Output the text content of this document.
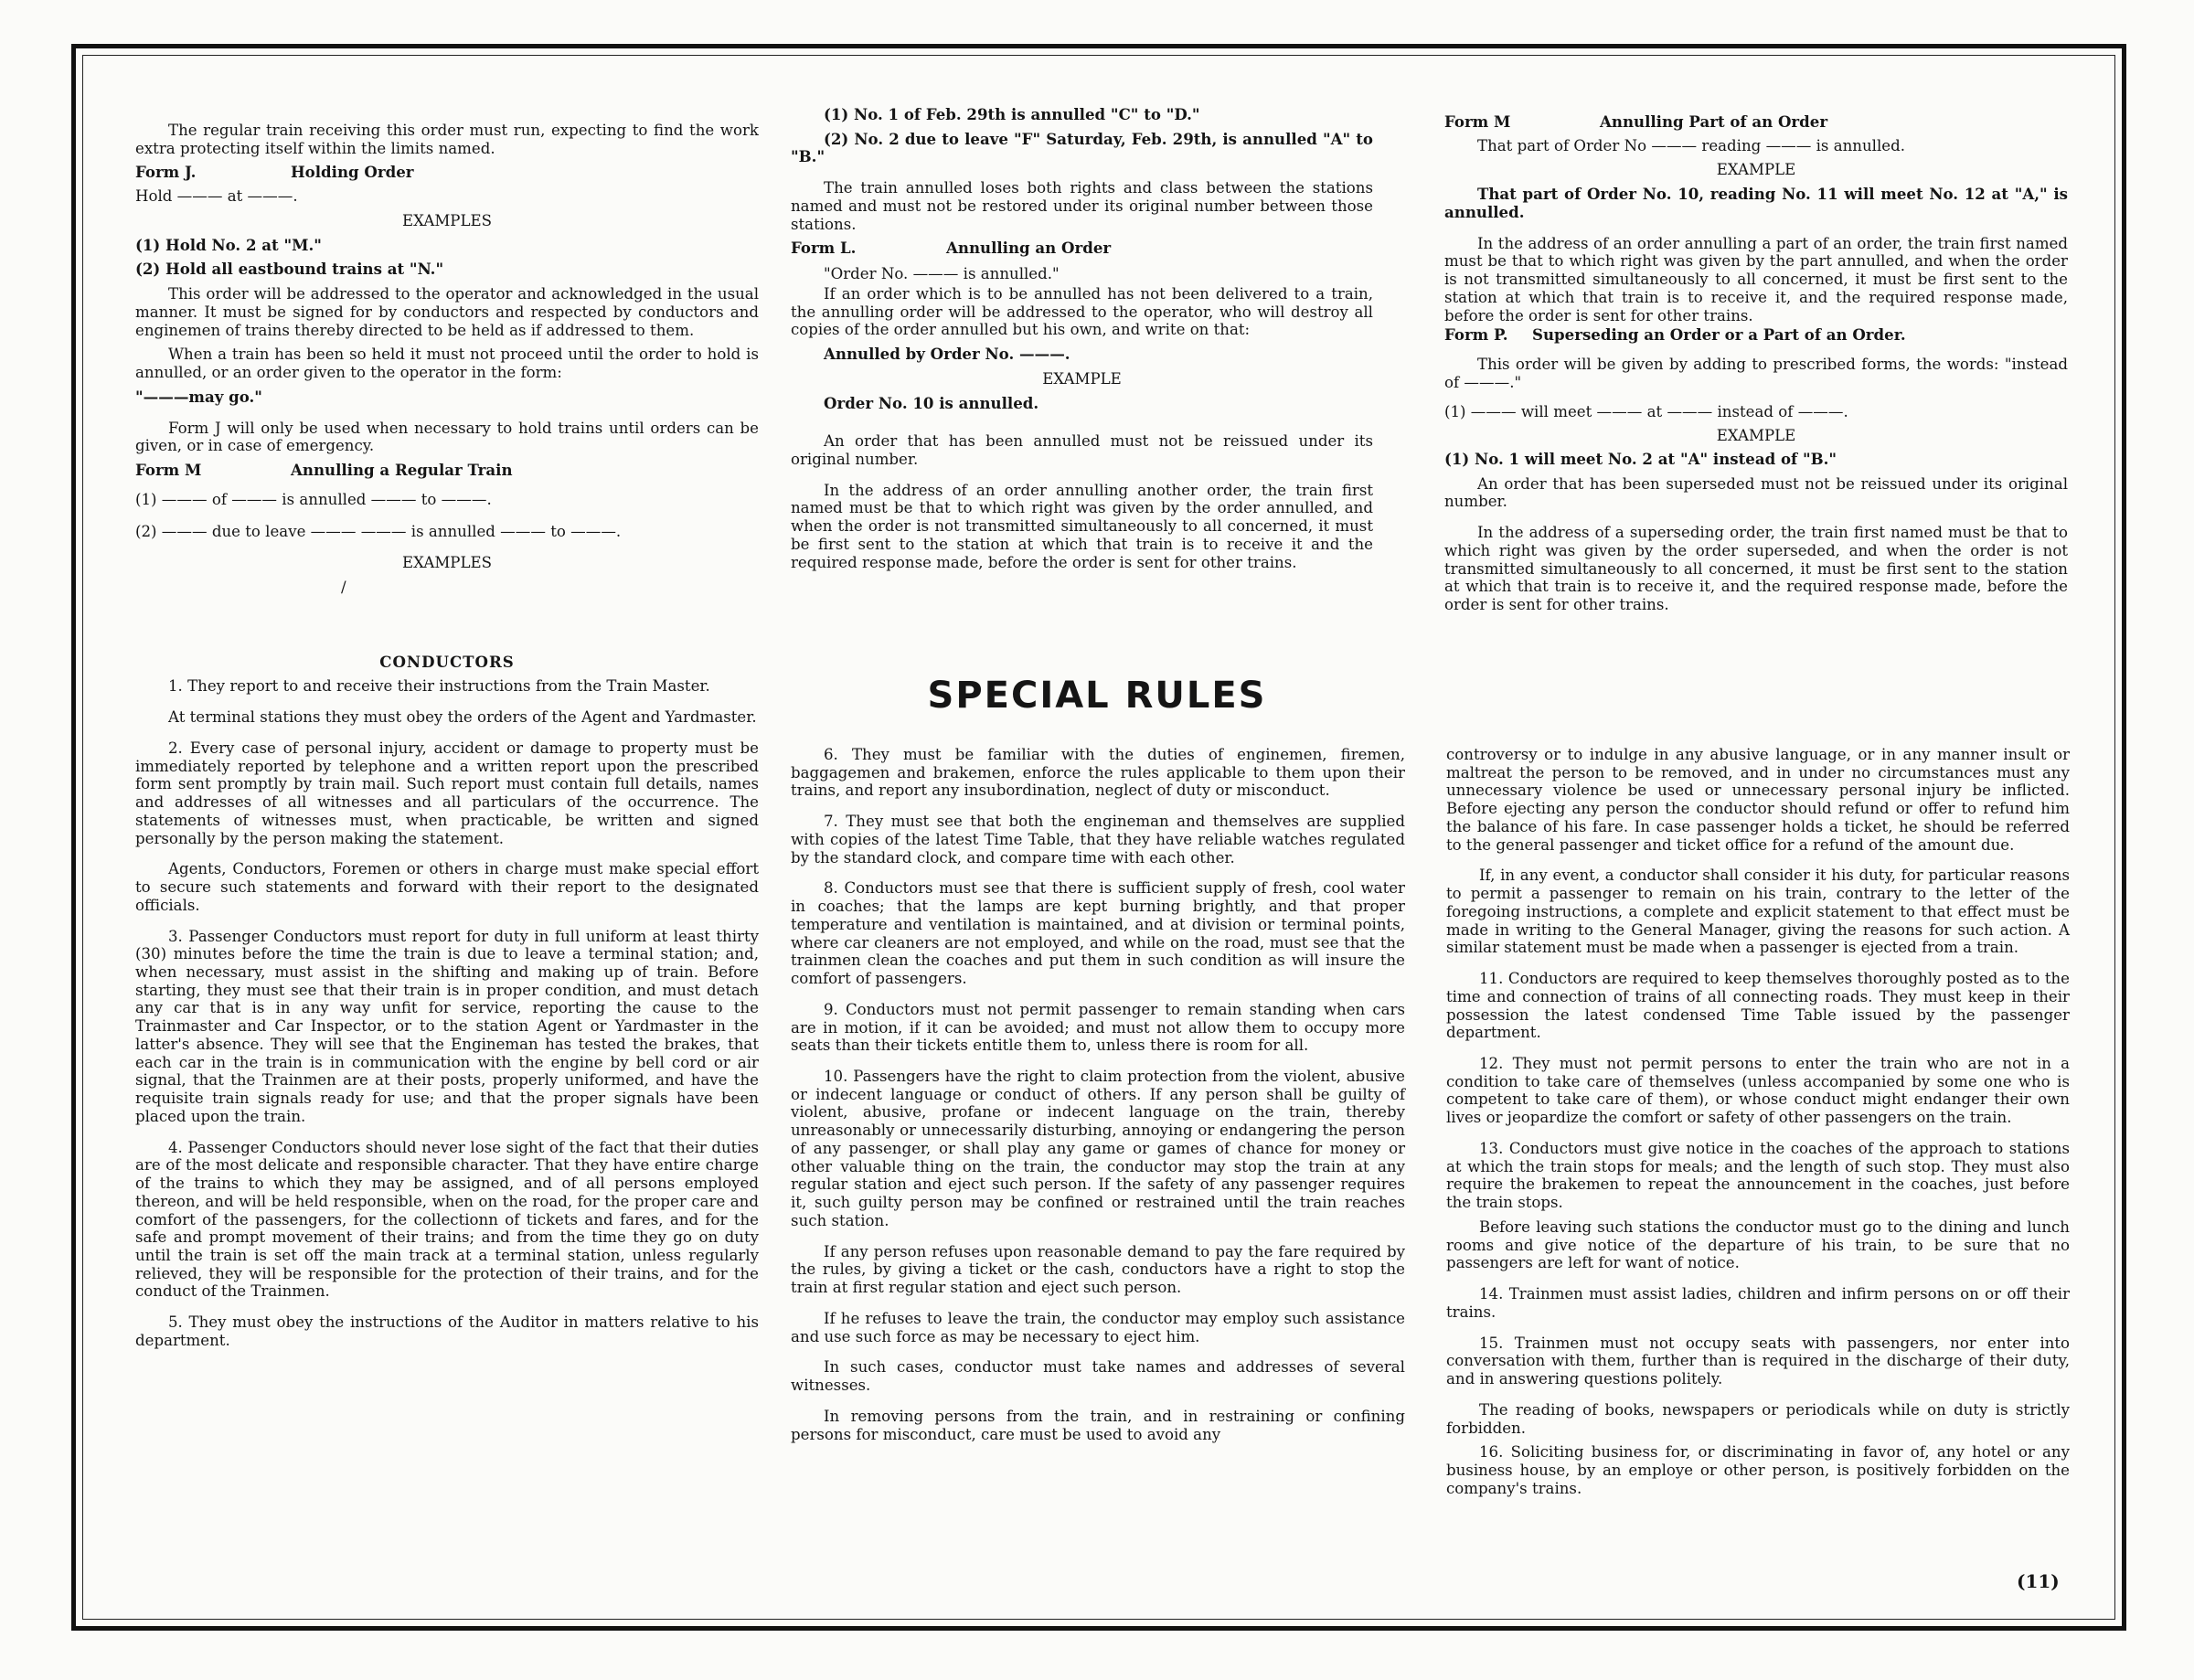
The regular train receiving this order must run, expecting to find the work extra protecting itself within the limits named.

Form J.	Holding Order

Hold ——— at ———.

EXAMPLES

(1) Hold No. 2 at "M."

(2) Hold all eastbound trains at "N."

This order will be addressed to the operator and acknowledged in the usual manner. It must be signed for by conductors and respected by conductors and enginemen of trains thereby directed to be held as if addressed to them.

When a train has been so held it must not proceed until the order to hold is annulled, or an order given to the operator in the form:

"———may go."

Form J will only be used when necessary to hold trains until orders can be given, or in case of emergency.

Form M	Annulling a Regular Train

(1) ——— of ——— is annulled ——— to ———.

(2) ——— due to leave ——— ——— is annulled ——— to ———.

EXAMPLES

/

CONDUCTORS

1. They report to and receive their instructions from the Train Master.

At terminal stations they must obey the orders of the Agent and Yardmaster.

2. Every case of personal injury, accident or damage to property must be immediately reported by telephone and a written report upon the prescribed form sent promptly by train mail. Such report must contain full details, names and addresses of all witnesses and all particulars of the occurrence. The statements of witnesses must, when practicable, be written and signed personally by the person making the statement.

Agents, Conductors, Foremen or others in charge must make special effort to secure such statements and forward with their report to the designated officials.

3. Passenger Conductors must report for duty in full uniform at least thirty (30) minutes before the time the train is due to leave a terminal station; and, when necessary, must assist in the shifting and making up of train. Before starting, they must see that their train is in proper condition, and must detach any car that is in any way unfit for service, reporting the cause to the Trainmaster and Car Inspector, or to the station Agent or Yardmaster in the latter's absence. They will see that the Engineman has tested the brakes, that each car in the train is in communication with the engine by bell cord or air signal, that the Trainmen are at their posts, properly uniformed, and have the requisite train signals ready for use; and that the proper signals have been placed upon the train.

4. Passenger Conductors should never lose sight of the fact that their duties are of the most delicate and responsible character. That they have entire charge of the trains to which they may be assigned, and of all persons employed thereon, and will be held responsible, when on the road, for the proper care and comfort of the passengers, for the collectionn of tickets and fares, and for the safe and prompt movement of their trains; and from the time they go on duty until the train is set off the main track at a terminal station, unless regularly relieved, they will be responsible for the protection of their trains, and for the conduct of the Trainmen.

5. They must obey the instructions of the Auditor in matters relative to his department.

(1) No. 1 of Feb. 29th is annulled "C" to "D."

(2) No. 2 due to leave "F" Saturday, Feb. 29th, is annulled "A" to "B."

The train annulled loses both rights and class between the stations named and must not be restored under its original number between those stations.

Form L.	Annulling an Order

"Order No. ——— is annulled."

If an order which is to be annulled has not been delivered to a train, the annulling order will be addressed to the operator, who will destroy all copies of the order annulled but his own, and write on that:

Annulled by Order No. ———.

EXAMPLE

Order No. 10 is annulled.

An order that has been annulled must not be reissued under its original number.

In the address of an order annulling another order, the train first named must be that to which right was given by the order annulled, and when the order is not transmitted simultaneously to all concerned, it must be first sent to the station at which that train is to receive it and the required response made, before the order is sent for other trains.

Form M	Annulling Part of an Order

That part of Order No ——— reading ——— is annulled.

EXAMPLE

That part of Order No. 10, reading No. 11 will meet No. 12 at "A," is annulled.

In the address of an order annulling a part of an order, the train first named must be that to which right was given by the part annulled, and when the order is not transmitted simultaneously to all concerned, it must be first sent to the station at which that train is to receive it, and the required response made, before the order is sent for other trains.

Form P.	Superseding an Order or a Part of an Order.

This order will be given by adding to prescribed forms, the words: "instead of ———."

(1) ——— will meet ——— at ——— instead of ———.

EXAMPLE

(1) No. 1 will meet No. 2 at "A" instead of "B."

An order that has been superseded must not be reissued under its original number.

In the address of a superseding order, the train first named must be that to which right was given by the order superseded, and when the order is not transmitted simultaneously to all concerned, it must be first sent to the station at which that train is to receive it, and the required response made, before the order is sent for other trains.

SPECIAL RULES

6. They must be familiar with the duties of enginemen, firemen, baggagemen and brakemen, enforce the rules applicable to them upon their trains, and report any insubordination, neglect of duty or misconduct.

7. They must see that both the engineman and themselves are supplied with copies of the latest Time Table, that they have reliable watches regulated by the standard clock, and compare time with each other.

8. Conductors must see that there is sufficient supply of fresh, cool water in coaches; that the lamps are kept burning brightly, and that proper temperature and ventilation is maintained, and at division or terminal points, where car cleaners are not employed, and while on the road, must see that the trainmen clean the coaches and put them in such condition as will insure the comfort of passengers.

9. Conductors must not permit passenger to remain standing when cars are in motion, if it can be avoided; and must not allow them to occupy more seats than their tickets entitle them to, unless there is room for all.

10. Passengers have the right to claim protection from the violent, abusive or indecent language or conduct of others. If any person shall be guilty of violent, abusive, profane or indecent language on the train, thereby unreasonably or unnecessarily disturbing, annoying or endangering the person of any passenger, or shall play any game or games of chance for money or other valuable thing on the train, the conductor may stop the train at any regular station and eject such person. If the safety of any passenger requires it, such guilty person may be confined or restrained until the train reaches such station.

If any person refuses upon reasonable demand to pay the fare required by the rules, by giving a ticket or the cash, conductors have a right to stop the train at first regular station and eject such person.

If he refuses to leave the train, the conductor may employ such assistance and use such force as may be necessary to eject him.

In such cases, conductor must take names and addresses of several witnesses.

In removing persons from the train, and in restraining or confining persons for misconduct, care must be used to avoid any

controversy or to indulge in any abusive language, or in any manner insult or maltreat the person to be removed, and in under no circumstances must any unnecessary violence be used or unnecessary personal injury be inflicted. Before ejecting any person the conductor should refund or offer to refund him the balance of his fare. In case passenger holds a ticket, he should be referred to the general passenger and ticket office for a refund of the amount due.

If, in any event, a conductor shall consider it his duty, for particular reasons to permit a passenger to remain on his train, contrary to the letter of the foregoing instructions, a complete and explicit statement to that effect must be made in writing to the General Manager, giving the reasons for such action. A similar statement must be made when a passenger is ejected from a train.

11. Conductors are required to keep themselves thoroughly posted as to the time and connection of trains of all connecting roads. They must keep in their possession the latest condensed Time Table issued by the passenger department.

12. They must not permit persons to enter the train who are not in a condition to take care of themselves (unless accompanied by some one who is competent to take care of them), or whose conduct might endanger their own lives or jeopardize the comfort or safety of other passengers on the train.

13. Conductors must give notice in the coaches of the approach to stations at which the train stops for meals; and the length of such stop. They must also require the brakemen to repeat the announcement in the coaches, just before the train stops.

Before leaving such stations the conductor must go to the dining and lunch rooms and give notice of the departure of his train, to be sure that no passengers are left for want of notice.

14. Trainmen must assist ladies, children and infirm persons on or off their trains.

15. Trainmen must not occupy seats with passengers, nor enter into conversation with them, further than is required in the discharge of their duty, and in answering questions politely.

The reading of books, newspapers or periodicals while on duty is strictly forbidden.

16. Soliciting business for, or discriminating in favor of, any hotel or any business house, by an employe or other person, is positively forbidden on the company's trains.

(11)
